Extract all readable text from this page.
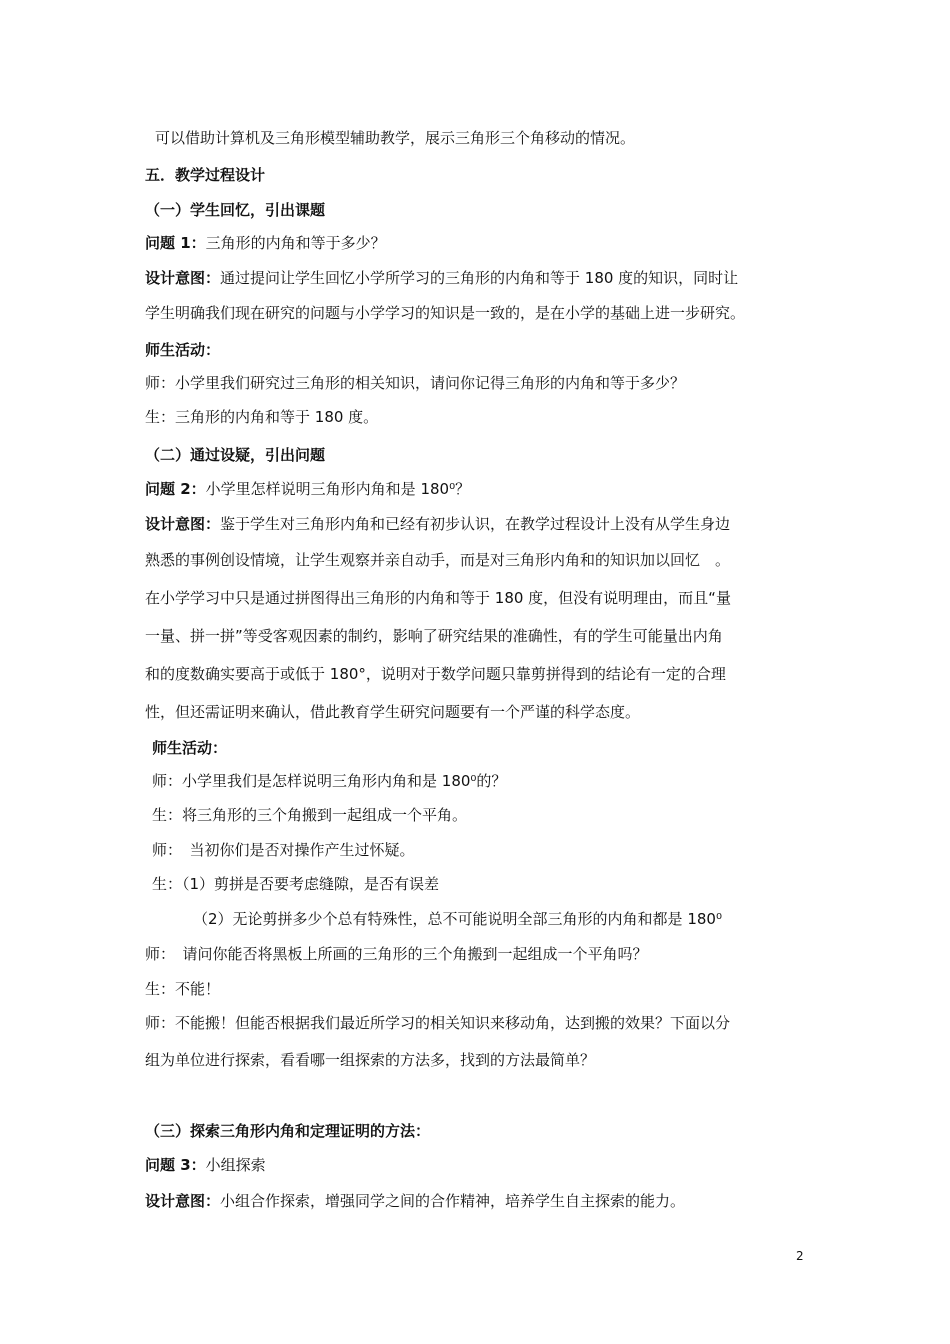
可以借助计算机及三角形模型辅助教学，展示三角形三个角移动的情况。
五．教学过程设计
（一）学生回忆，引出课题
问题 1：三角形的内角和等于多少？
设计意图：通过提问让学生回忆小学所学习的三角形的内角和等于 180 度的知识，同时让
学生明确我们现在研究的问题与小学学习的知识是一致的，是在小学的基础上进一步研究。
师生活动：
师：小学里我们研究过三角形的相关知识，请问你记得三角形的内角和等于多少？
生：三角形的内角和等于 180 度。
（二）通过设疑，引出问题
问题 2：小学里怎样说明三角形内角和是 180⁰？
设计意图：鉴于学生对三角形内角和已经有初步认识，在教学过程设计上没有从学生身边
熟悉的事例创设情境，让学生观察并亲自动手，而是对三角形内角和的知识加以回忆　。
在小学学习中只是通过拼图得出三角形的内角和等于 180 度，但没有说明理由，而且“量
一量、拼一拼”等受客观因素的制约，影响了研究结果的准确性，有的学生可能量出内角
和的度数确实要高于或低于 180°，说明对于数学问题只靠剪拼得到的结论有一定的合理
性，但还需证明来确认，借此教育学生研究问题要有一个严谨的科学态度。
师生活动：
师：小学里我们是怎样说明三角形内角和是 180⁰的？
生：将三角形的三个角搬到一起组成一个平角。
师：　当初你们是否对操作产生过怀疑。
生：（1）剪拼是否要考虑缝隙，是否有误差
（2）无论剪拼多少个总有特殊性，总不可能说明全部三角形的内角和都是 180⁰
师：　请问你能否将黑板上所画的三角形的三个角搬到一起组成一个平角吗？
生：不能！
师：不能搬！但能否根据我们最近所学习的相关知识来移动角，达到搬的效果？下面以分
组为单位进行探索，看看哪一组探索的方法多，找到的方法最简单？
（三）探索三角形内角和定理证明的方法：
问题 3：小组探索
设计意图：小组合作探索，增强同学之间的合作精神，培养学生自主探索的能力。
2
